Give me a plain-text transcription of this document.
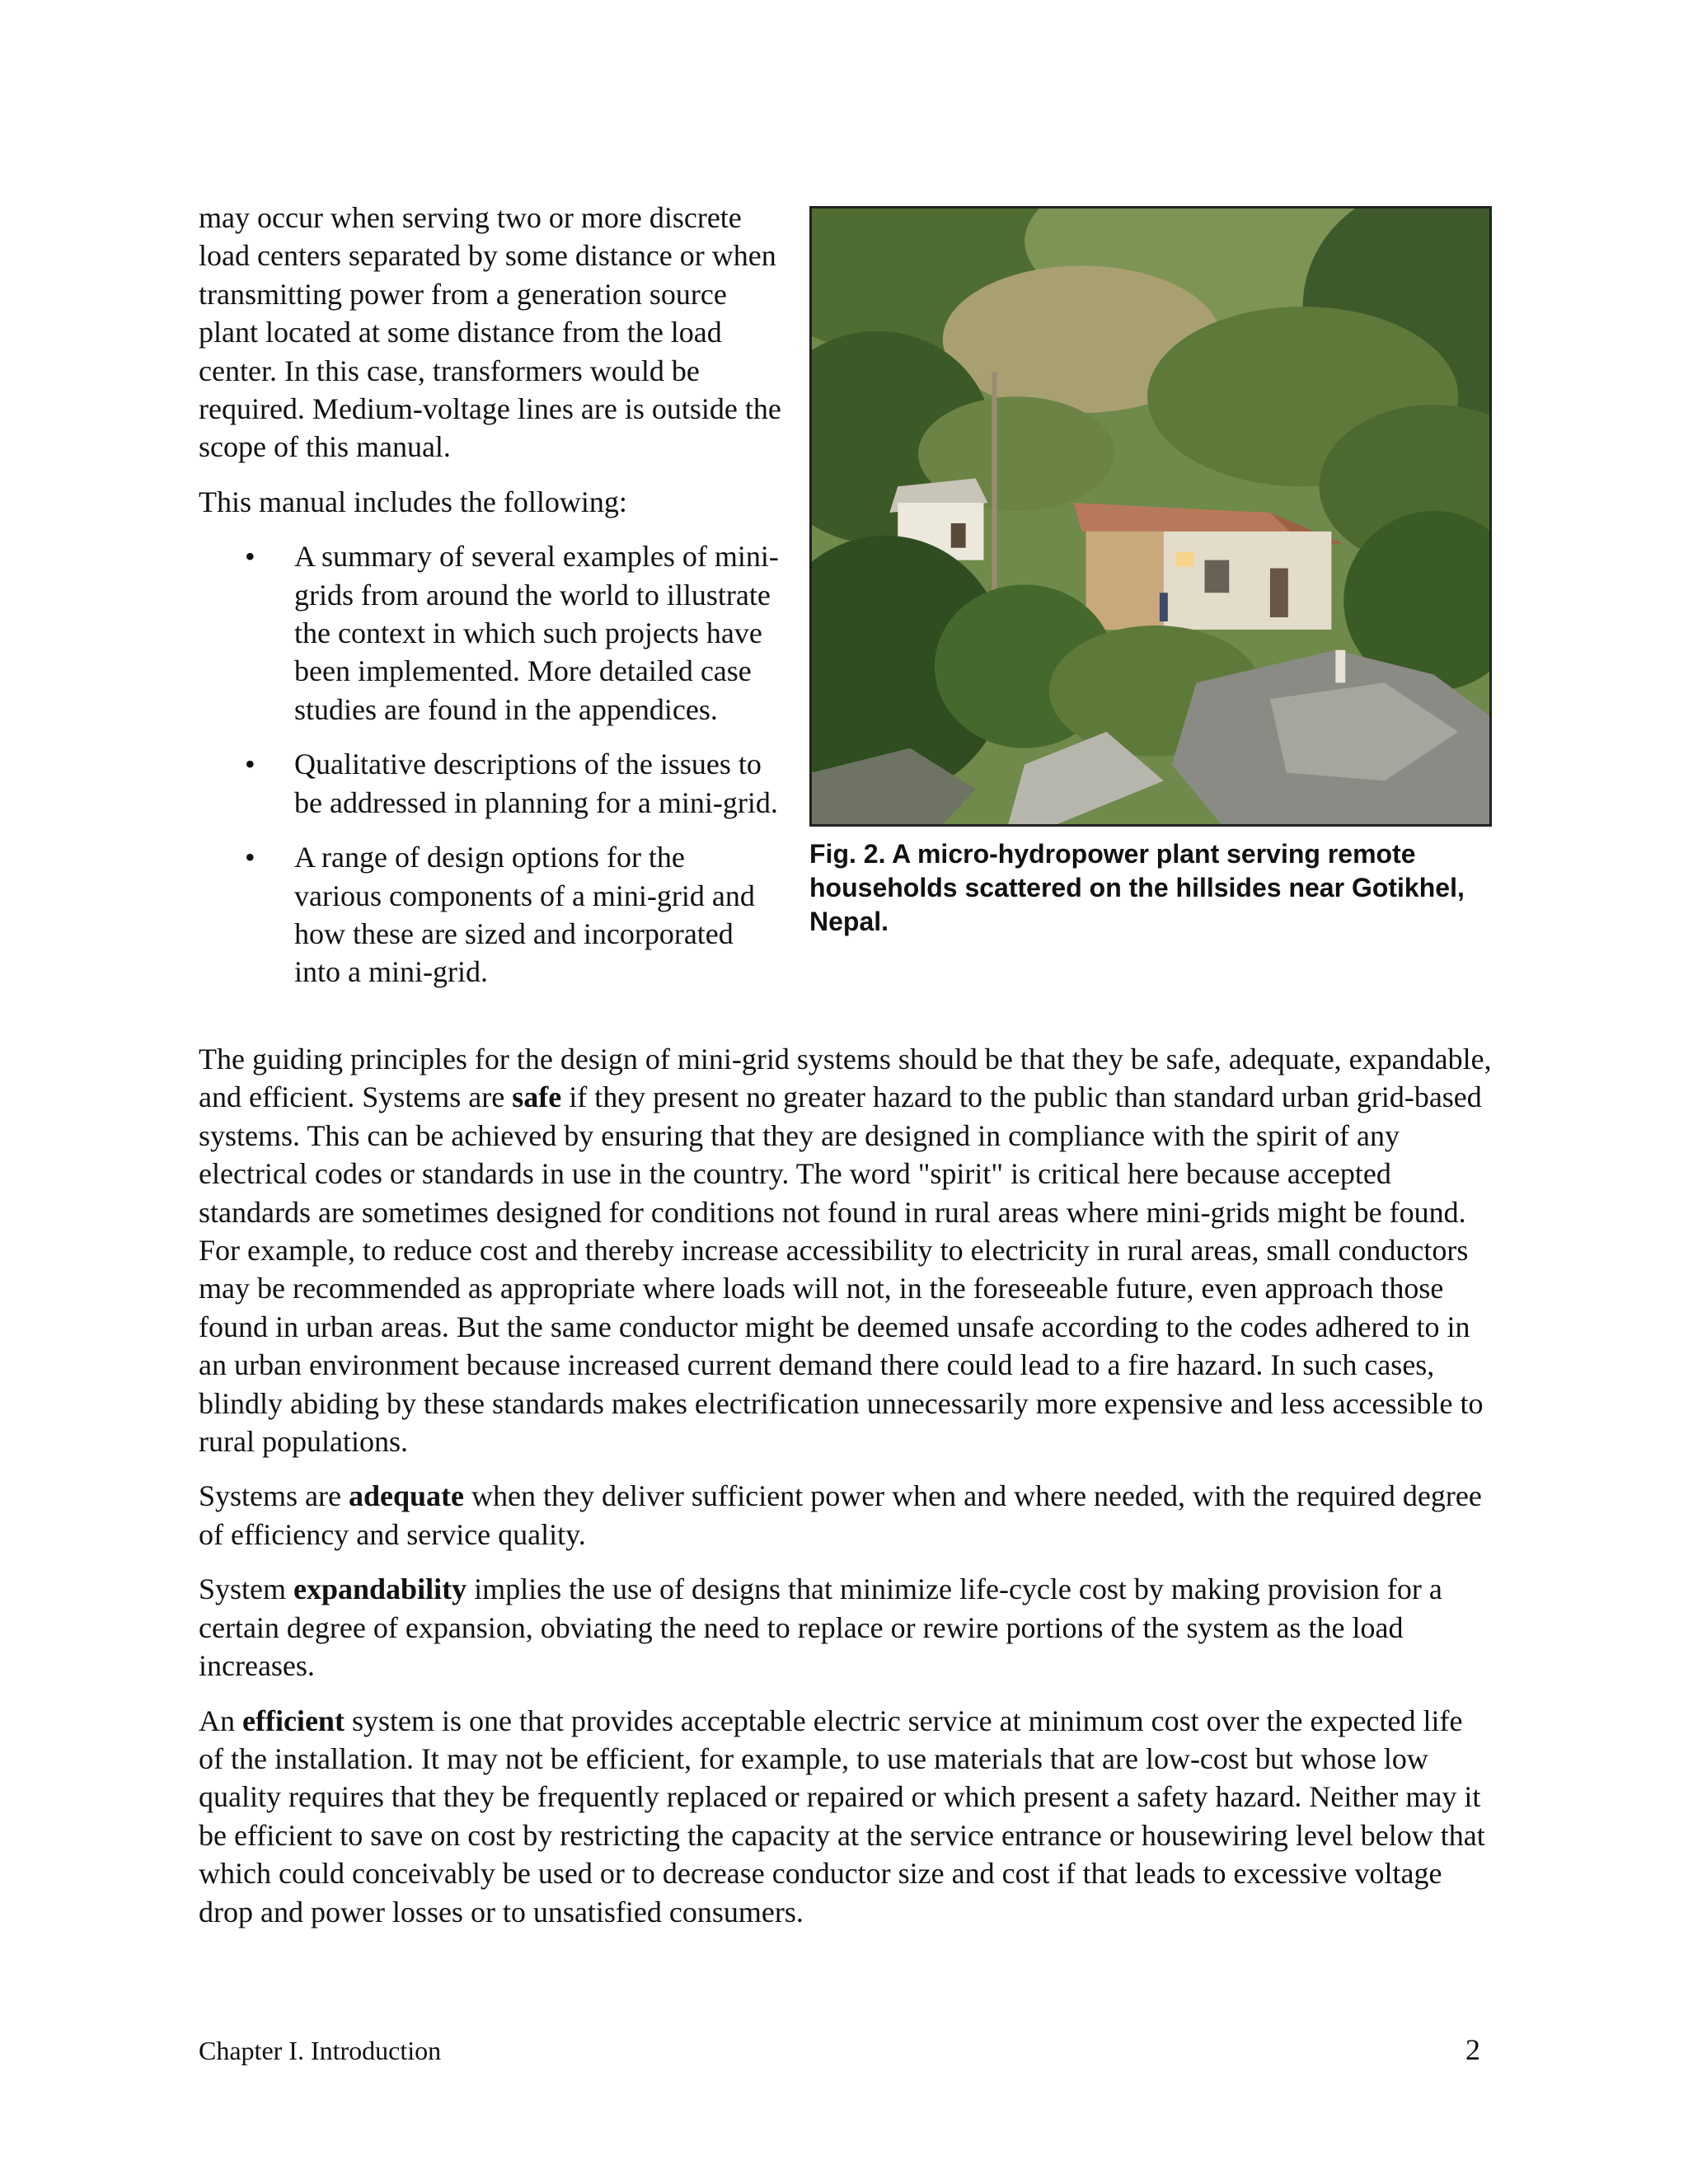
may occur when serving two or more discrete load centers separated by some distance or when transmitting power from a generation source plant located at some distance from the load center. In this case, transformers would be required. Medium-voltage lines are is outside the scope of this manual.

This manual includes the following:

• A summary of several examples of mini-grids from around the world to illustrate the context in which such projects have been implemented. More detailed case studies are found in the appendices.
• Qualitative descriptions of the issues to be addressed in planning for a mini-grid.
• A range of design options for the various components of a mini-grid and how these are sized and incorporated into a mini-grid.
Fig. 2. A micro-hydropower plant serving remote households scattered on the hillsides near Gotikhel, Nepal.

The guiding principles for the design of mini-grid systems should be that they be safe, adequate, expandable, and efficient. Systems are safe if they present no greater hazard to the public than standard urban grid-based systems. This can be achieved by ensuring that they are designed in compliance with the spirit of any electrical codes or standards in use in the country. The word "spirit" is critical here because accepted standards are sometimes designed for conditions not found in rural areas where mini-grids might be found. For example, to reduce cost and thereby increase accessibility to electricity in rural areas, small conductors may be recommended as appropriate where loads will not, in the foreseeable future, even approach those found in urban areas. But the same conductor might be deemed unsafe according to the codes adhered to in an urban environment because increased current demand there could lead to a fire hazard. In such cases, blindly abiding by these standards makes electrification unnecessarily more expensive and less accessible to rural populations.

Systems are adequate when they deliver sufficient power when and where needed, with the required degree of efficiency and service quality.

System expandability implies the use of designs that minimize life-cycle cost by making provision for a certain degree of expansion, obviating the need to replace or rewire portions of the system as the load increases.

An efficient system is one that provides acceptable electric service at minimum cost over the expected life of the installation. It may not be efficient, for example, to use materials that are low-cost but whose low quality requires that they be frequently replaced or repaired or which present a safety hazard. Neither may it be efficient to save on cost by restricting the capacity at the service entrance or housewiring level below that which could conceivably be used or to decrease conductor size and cost if that leads to excessive voltage drop and power losses or to unsatisfied consumers.

Chapter I. Introduction	2
